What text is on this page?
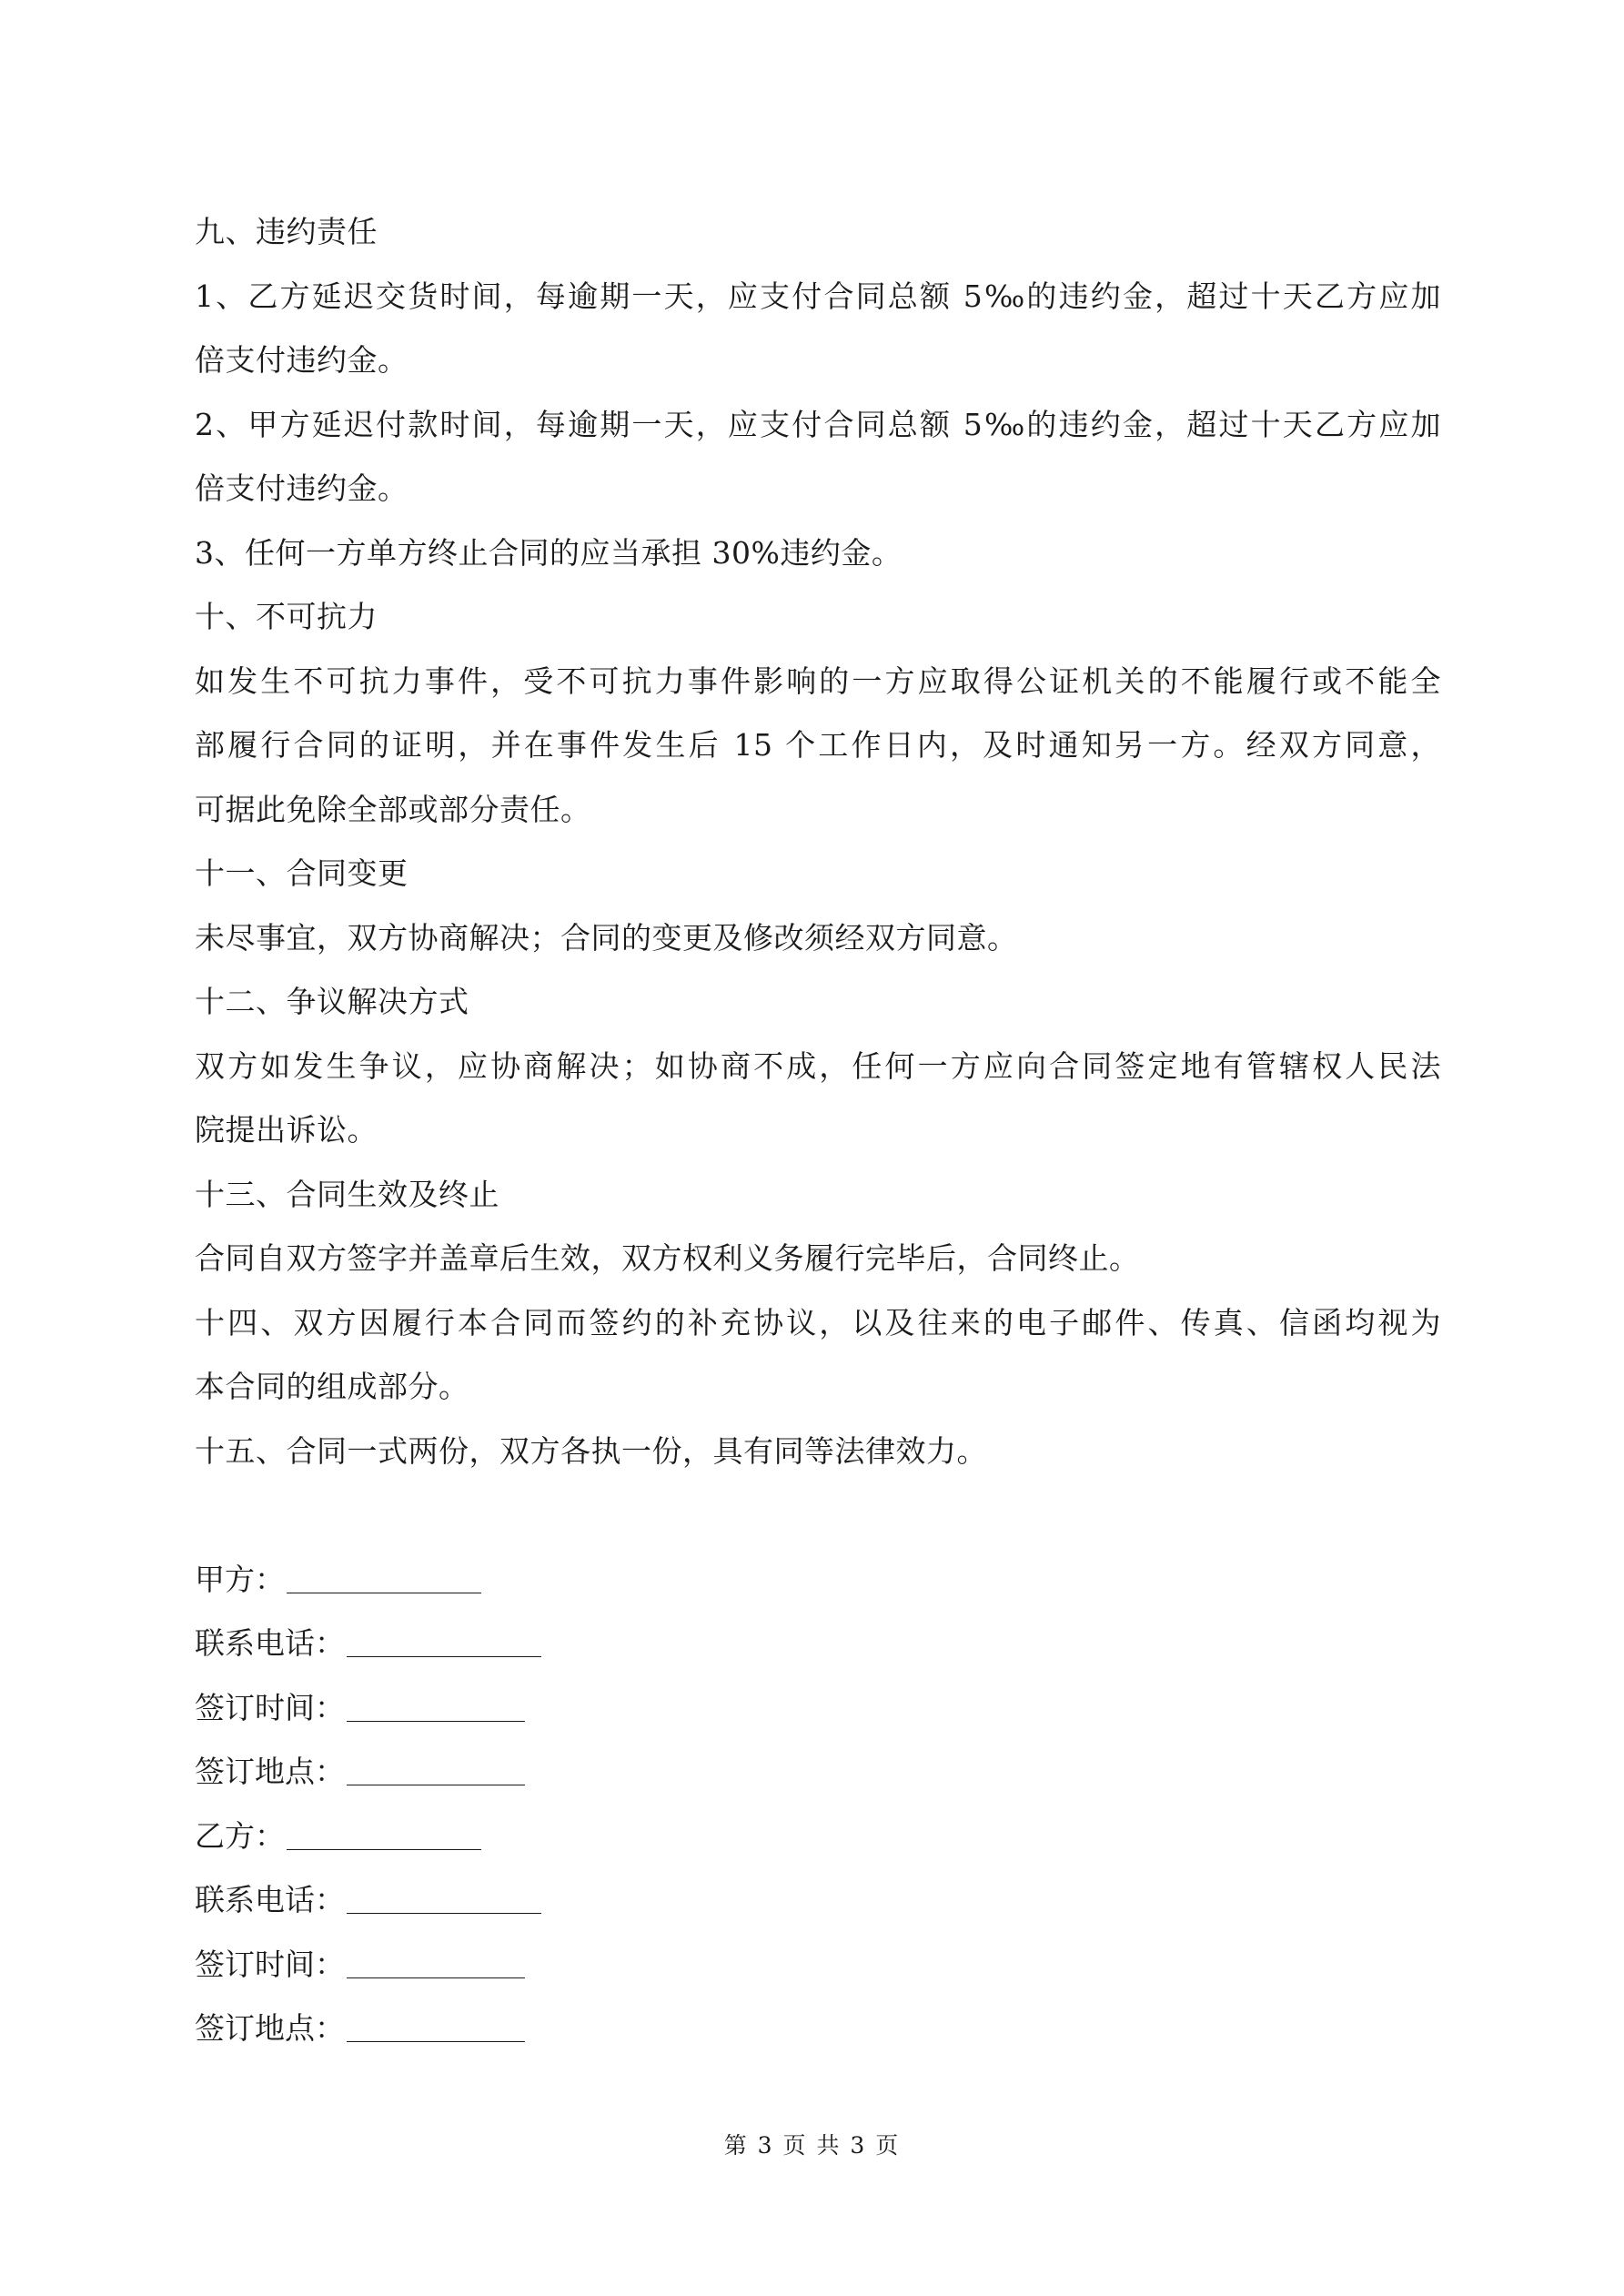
九、违约责任
1、乙方延迟交货时间，每逾期一天，应支付合同总额 5‰的违约金，超过十天乙方应加
倍支付违约金。
2、甲方延迟付款时间，每逾期一天，应支付合同总额 5‰的违约金，超过十天乙方应加
倍支付违约金。
3、任何一方单方终止合同的应当承担 30%违约金。
十、不可抗力
如发生不可抗力事件，受不可抗力事件影响的一方应取得公证机关的不能履行或不能全
部履行合同的证明，并在事件发生后 15 个工作日内，及时通知另一方。经双方同意，
可据此免除全部或部分责任。
十一、合同变更
未尽事宜，双方协商解决；合同的变更及修改须经双方同意。
十二、争议解决方式
双方如发生争议，应协商解决；如协商不成，任何一方应向合同签定地有管辖权人民法
院提出诉讼。
十三、合同生效及终止
合同自双方签字并盖章后生效，双方权利义务履行完毕后，合同终止。
十四、双方因履行本合同而签约的补充协议，以及往来的电子邮件、传真、信函均视为
本合同的组成部分。
十五、合同一式两份，双方各执一份，具有同等法律效力。
甲方：
联系电话：
签订时间：
签订地点：
乙方：
联系电话：
签订时间：
签订地点：
第 3 页 共 3 页
